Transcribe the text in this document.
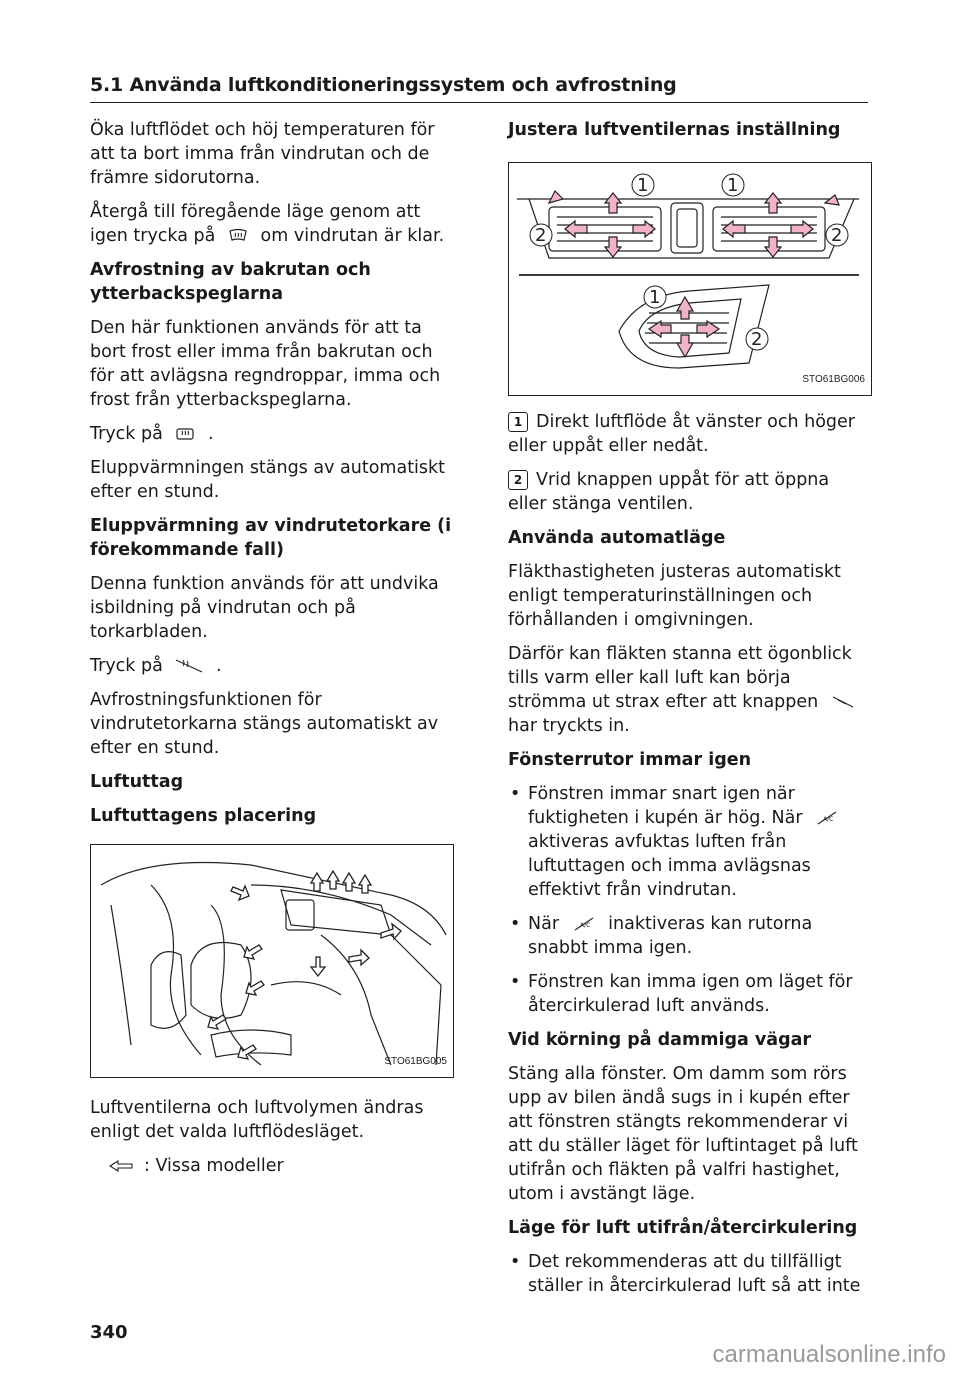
5.1 Använda luftkonditioneringssystem och avfrostning

Öka luftflödet och höj temperaturen för att ta bort imma från vindrutan och de främre sidorutorna.

Återgå till föregående läge genom att igen trycka på	om vindrutan är klar.

Avfrostning av bakrutan och ytterbackspeglarna

Den här funktionen används för att ta bort frost eller imma från bakrutan och för att avlägsna regndroppar, imma och frost från ytterbackspeglarna.

Tryck på	.

Eluppvärmningen stängs av automatiskt efter en stund.

Eluppvärmning av vindrutetorkare (i förekommande fall)

Denna funktion används för att undvika isbildning på vindrutan och på torkarbladen.

Tryck på	.

Avfrostningsfunktionen för vindrutetorkarna stängs automatiskt av efter en stund.

Luftuttag

Luftuttagens placering

STO61BG005

Luftventilerna och luftvolymen ändras enligt det valda luftflödesläget.

: Vissa modeller

Justera luftventilernas inställning

1	1
2	2
1
2
STO61BG006

1 Direkt luftflöde åt vänster och höger eller uppåt eller nedåt.

2 Vrid knappen uppåt för att öppna eller stänga ventilen.

Använda automatläge

Fläkthastigheten justeras automatiskt enligt temperaturinställningen och förhållanden i omgivningen.

Därför kan fläkten stanna ett ögonblick tills varm eller kall luft kan börja strömma ut strax efter att knappen  har tryckts in.

Fönsterrutor immar igen

• Fönstren immar snart igen när fuktigheten i kupén är hög. När	A/C
aktiveras avfuktas luften från luftuttagen och imma avlägsnas effektivt från vindrutan.
• När	A/C inaktiveras kan rutorna snabbt imma igen.
• Fönstren kan imma igen om läget för återcirkulerad luft används.

Vid körning på dammiga vägar

Stäng alla fönster. Om damm som rörs upp av bilen ändå sugs in i kupén efter att fönstren stängts rekommenderar vi att du ställer läget för luftintaget på luft utifrån och fläkten på valfri hastighet, utom i avstängt läge.

Läge för luft utifrån/återcirkulering

• Det rekommenderas att du tillfälligt ställer in återcirkulerad luft så att inte
340
carmanualsonline.info
